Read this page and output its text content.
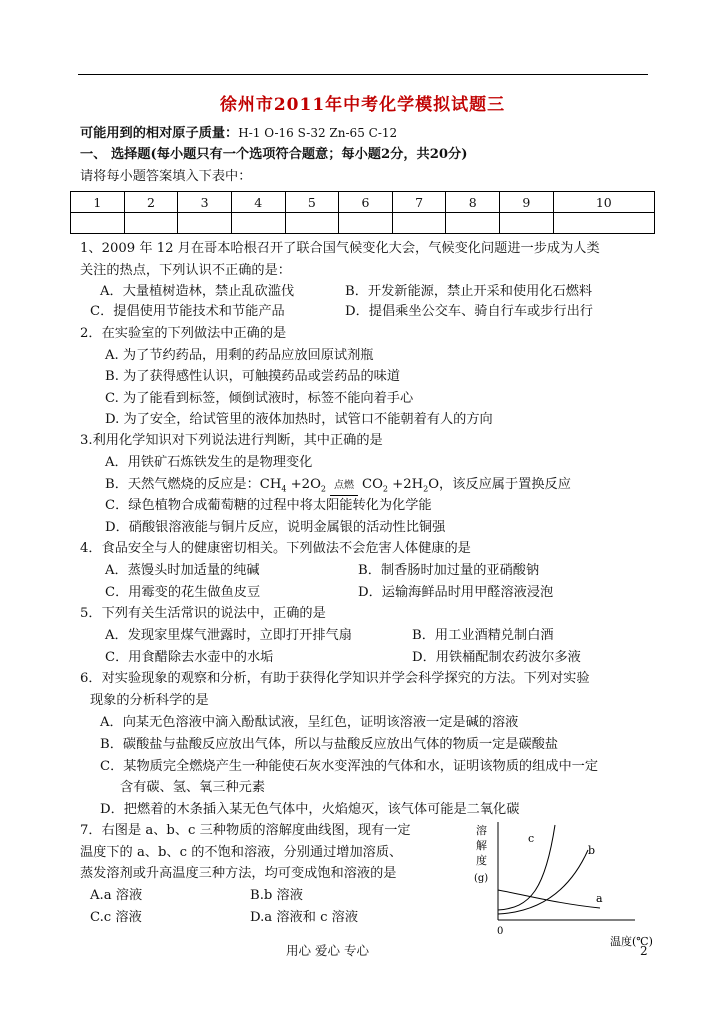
徐州市2011年中考化学模拟试题三
可能用到的相对原子质量：H-1 O-16 S-32 Zn-65 C-12
一、 选择题(每小题只有一个选项符合题意；每小题2分，共20分)
请将每小题答案填入下表中：
1	2	3	4	5	6	7	8	9	10

1、2009 年 12 月在哥本哈根召开了联合国气候变化大会，气候变化问题进一步成为人类
关注的热点，下列认识不正确的是：
A．大量植树造林，禁止乱砍滥伐	B．开发新能源，禁止开采和使用化石燃料
C．提倡使用节能技术和节能产品	D．提倡乘坐公交车、骑自行车或步行出行
2．在实验室的下列做法中正确的是
A. 为了节约药品，用剩的药品应放回原试剂瓶
B. 为了获得感性认识，可触摸药品或尝药品的味道
C. 为了能看到标签，倾倒试液时，标签不能向着手心
D. 为了安全，给试管里的液体加热时，试管口不能朝着有人的方向
3.利用化学知识对下列说法进行判断，其中正确的是
A．用铁矿石炼铁发生的是物理变化
B．天然气燃烧的反应是：$CH_4 +2O_2$ 点燃 $CO_2 +2H_2O$，该反应属于置换反应
C．绿色植物合成葡萄糖的过程中将太阳能转化为化学能
D．硝酸银溶液能与铜片反应，说明金属银的活动性比铜强
4．食品安全与人的健康密切相关。下列做法不会危害人体健康的是
A．蒸馒头时加适量的纯碱	B．制香肠时加过量的亚硝酸钠
C．用霉变的花生做鱼皮豆	D．运输海鲜品时用甲醛溶液浸泡
5．下列有关生活常识的说法中，正确的是
A．发现家里煤气泄露时，立即打开排气扇	B．用工业酒精兑制白酒
C．用食醋除去水壶中的水垢	D．用铁桶配制农药波尔多液
6．对实验现象的观察和分析，有助于获得化学知识并学会科学探究的方法。下列对实验
现象的分析科学的是
A．向某无色溶液中滴入酚酞试液，呈红色，证明该溶液一定是碱的溶液
B．碳酸盐与盐酸反应放出气体，所以与盐酸反应放出气体的物质一定是碳酸盐
C．某物质完全燃烧产生一种能使石灰水变浑浊的气体和水，证明该物质的组成中一定
含有碳、氢、氧三种元素
D．把燃着的木条插入某无色气体中，火焰熄灭，该气体可能是二氧化碳
7．右图是 a、b、c 三种物质的溶解度曲线图，现有一定
温度下的 a、b、c 的不饱和溶液，分别通过增加溶质、
蒸发溶剂或升高温度三种方法，均可变成饱和溶液的是
A.a 溶液	B.b 溶液
C.c 溶液	D.a 溶液和 c 溶液
溶
解
度
(g)
0
c
b
a
温度(℃)
用心 爱心 专心	2
